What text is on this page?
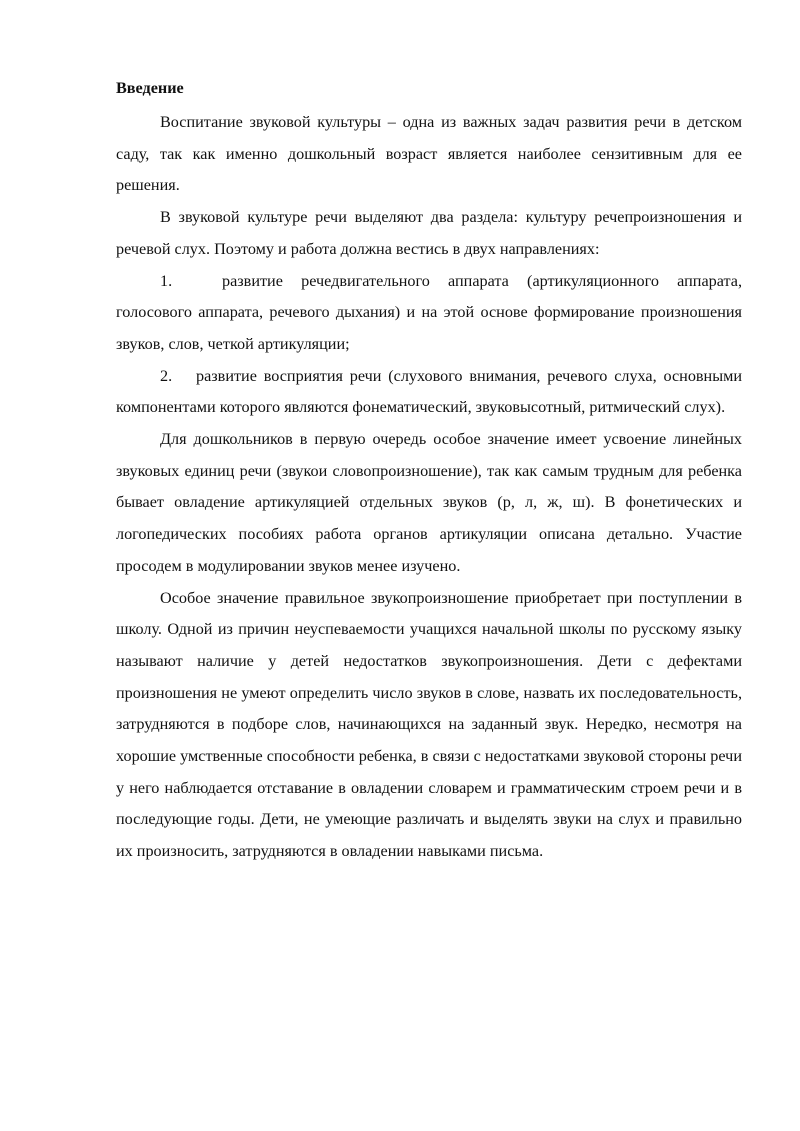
Введение

Воспитание звуковой культуры – одна из важных задач развития речи в детском саду, так как именно дошкольный возраст является наиболее сензитивным для ее решения.

В звуковой культуре речи выделяют два раздела: культуру речепроизношения и речевой слух. Поэтому и работа должна вестись в двух направлениях:

1.	развитие речедвигательного аппарата (артикуляционного аппарата, голосового аппарата, речевого дыхания) и на этой основе формирование произношения звуков, слов, четкой артикуляции;

2. развитие восприятия речи (слухового внимания, речевого слуха, основными компонентами которого являются фонематический, звуковысотный, ритмический слух).

Для дошкольников в первую очередь особое значение имеет усвоение линейных звуковых единиц речи (звукои словопроизношение), так как самым трудным для ребенка бывает овладение артикуляцией отдельных звуков (р, л, ж, ш). В фонетических и логопедических пособиях работа органов артикуляции описана детально. Участие просодем в модулировании звуков менее изучено.

Особое значение правильное звукопроизношение приобретает при поступлении в школу. Одной из причин неуспеваемости учащихся начальной школы по русскому языку называют наличие у детей недостатков звукопроизношения. Дети с дефектами произношения не умеют определить число звуков в слове, назвать их последовательность, затрудняются в подборе слов, начинающихся на заданный звук. Нередко, несмотря на хорошие умственные способности ребенка, в связи с недостатками звуковой стороны речи у него наблюдается отставание в овладении словарем и грамматическим строем речи и в последующие годы. Дети, не умеющие различать и выделять звуки на слух и правильно их произносить, затрудняются в овладении навыками письма.
